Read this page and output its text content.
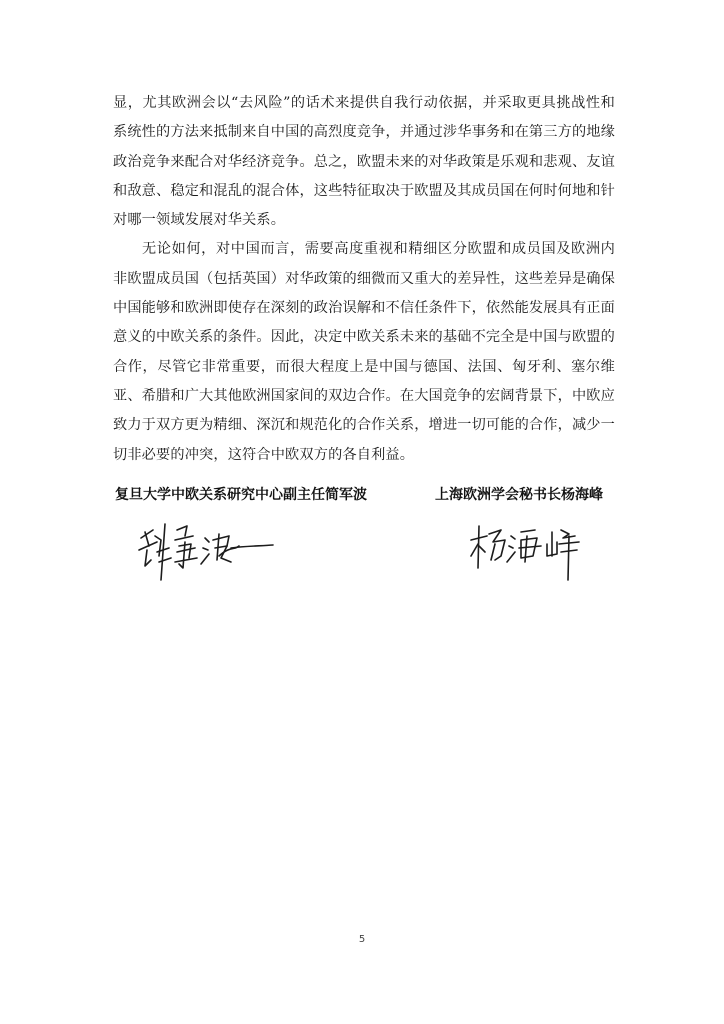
显，尤其欧洲会以“去风险”的话术来提供自我行动依据，并采取更具挑战性和系统性的方法来抵制来自中国的高烈度竞争，并通过涉华事务和在第三方的地缘政治竞争来配合对华经济竞争。总之，欧盟未来的对华政策是乐观和悲观、友谊和敌意、稳定和混乱的混合体，这些特征取决于欧盟及其成员国在何时何地和针对哪一领域发展对华关系。

无论如何，对中国而言，需要高度重视和精细区分欧盟和成员国及欧洲内非欧盟成员国（包括英国）对华政策的细微而又重大的差异性，这些差异是确保中国能够和欧洲即使存在深刻的政治误解和不信任条件下，依然能发展具有正面意义的中欧关系的条件。因此，决定中欧关系未来的基础不完全是中国与欧盟的合作，尽管它非常重要，而很大程度上是中国与德国、法国、匈牙利、塞尔维亚、希腊和广大其他欧洲国家间的双边合作。在大国竞争的宏阔背景下，中欧应致力于双方更为精细、深沉和规范化的合作关系，增进一切可能的合作，减少一切非必要的冲突，这符合中欧双方的各自利益。

复旦大学中欧关系研究中心副主任简军波	上海欧洲学会秘书长杨海峰
5
